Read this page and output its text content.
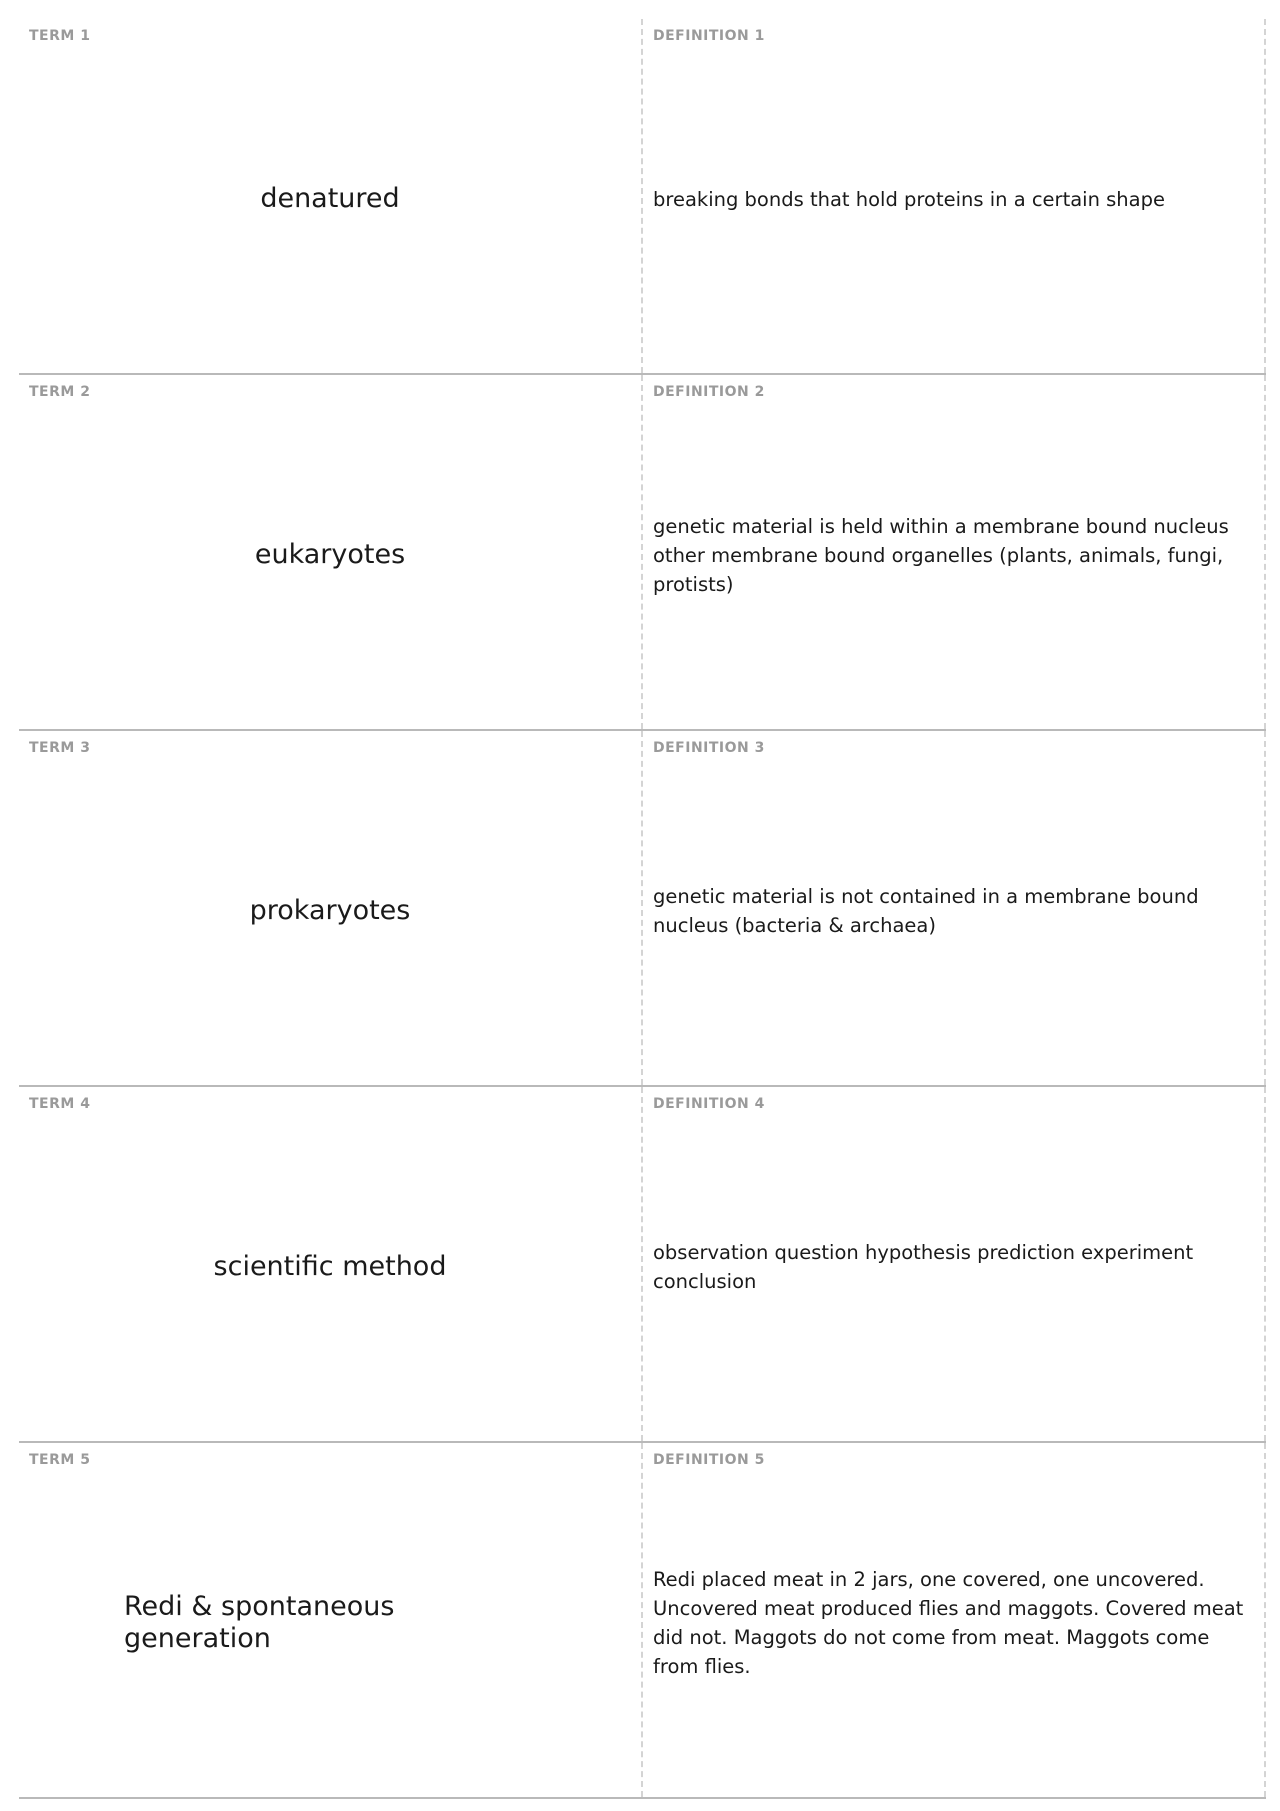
TERM 1
denatured
DEFINITION 1
breaking bonds that hold proteins in a certain shape
TERM 2
eukaryotes
DEFINITION 2
genetic material is held within a membrane bound nucleus other membrane bound organelles (plants, animals, fungi, protists)
TERM 3
prokaryotes
DEFINITION 3
genetic material is not contained in a membrane bound nucleus (bacteria & archaea)
TERM 4
scientific method
DEFINITION 4
observation question hypothesis prediction experiment conclusion
TERM 5
Redi & spontaneous generation
DEFINITION 5
Redi placed meat in 2 jars, one covered, one uncovered. Uncovered meat produced flies and maggots. Covered meat did not. Maggots do not come from meat. Maggots come from flies.
